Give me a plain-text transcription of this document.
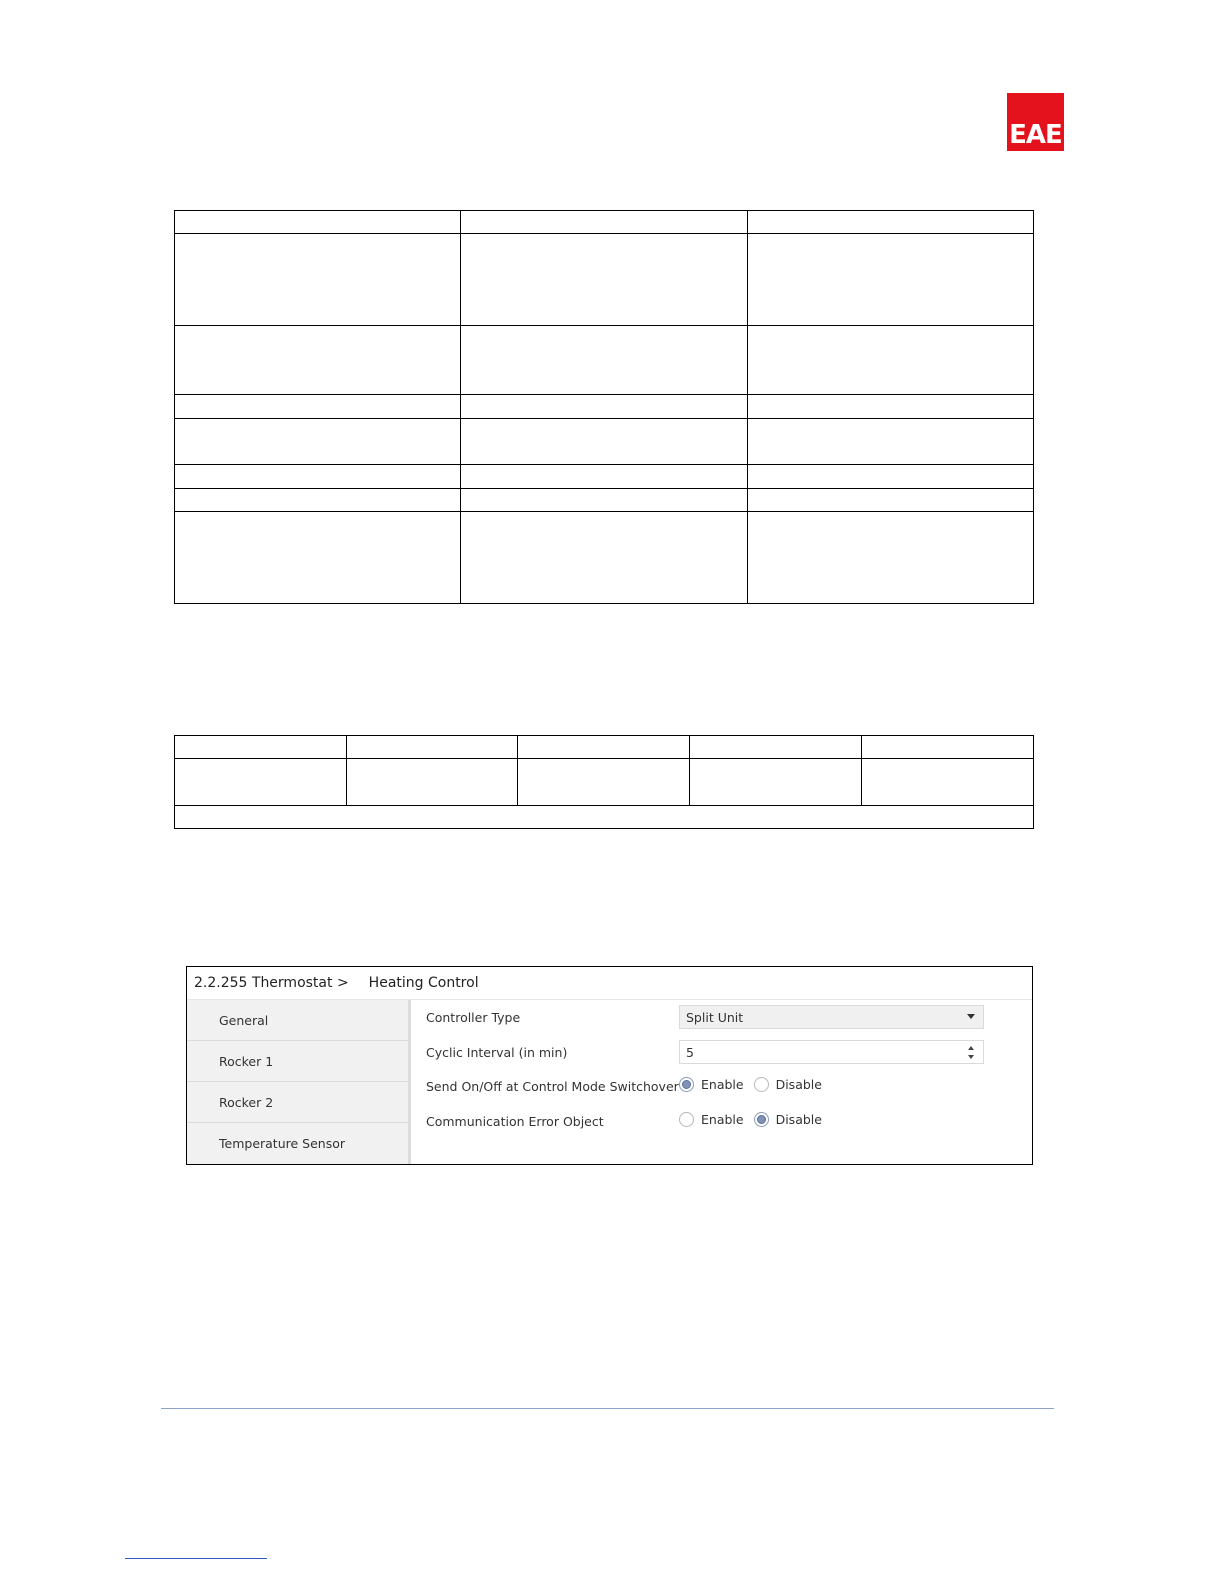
EAE

2.2.255 Thermostat > Heating Control
General
Rocker 1
Rocker 2
Temperature Sensor
Controller Type	Split Unit
Cyclic Interval (in min)	5
Send On/Off at Control Mode Switchover Enable	Disable
Communication Error Object	Enable	Disable
